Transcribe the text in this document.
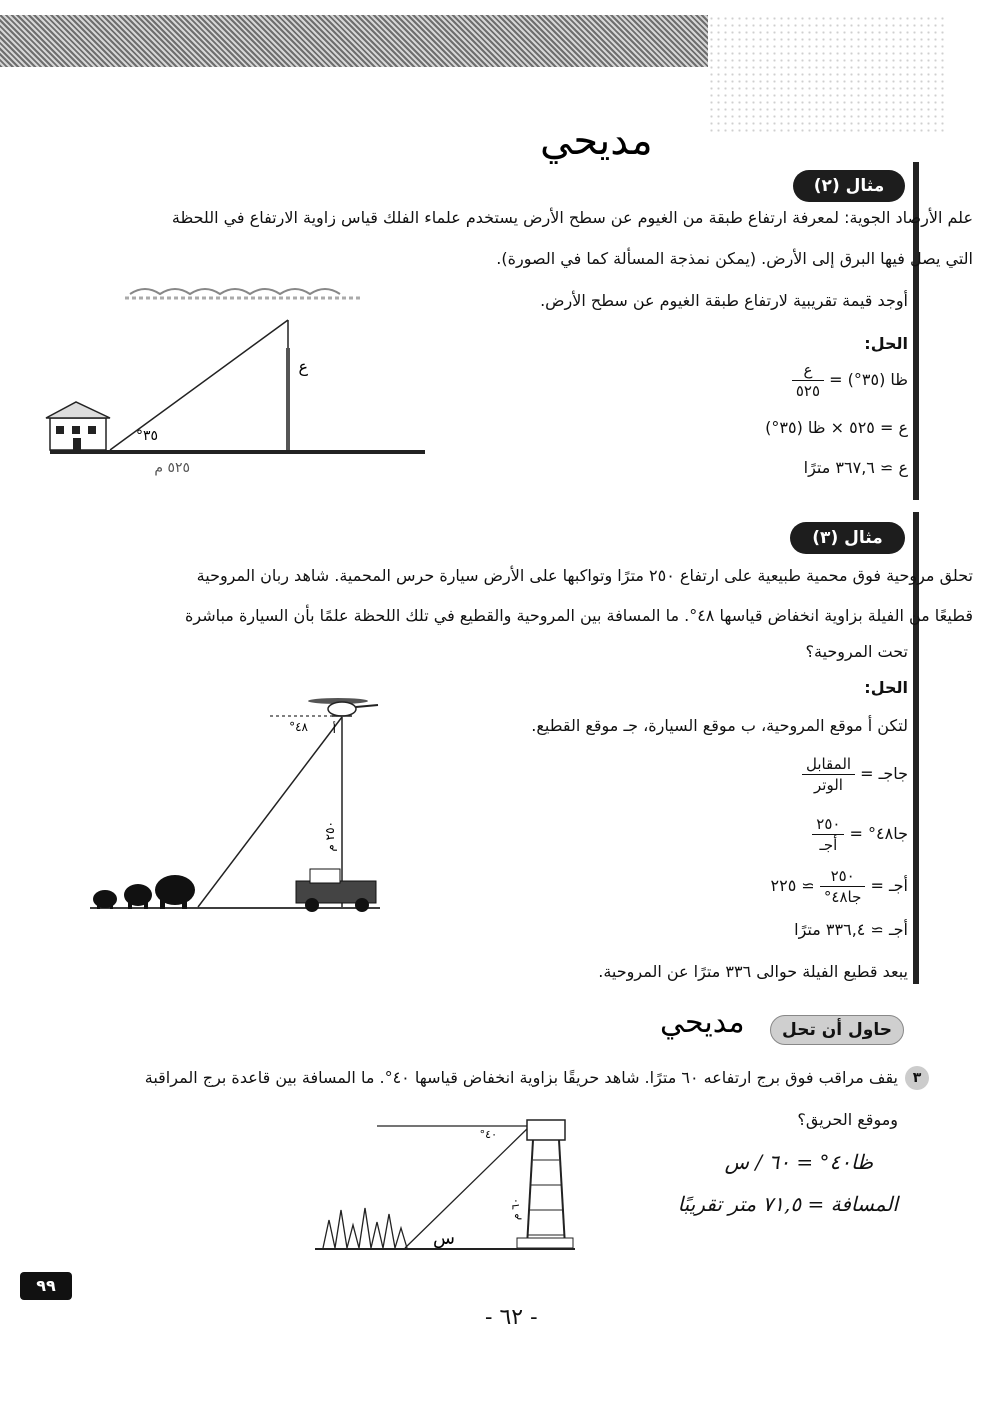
مديحي
مثال (٢)
علم الأرصاد الجوية: لمعرفة ارتفاع طبقة من الغيوم عن سطح الأرض يستخدم علماء الفلك قياس زاوية الارتفاع في اللحظة
التي يصل فيها البرق إلى الأرض. (يمكن نمذجة المسألة كما في الصورة).
أوجد قيمة تقريبية لارتفاع طبقة الغيوم عن سطح الأرض.
٣٥°
ع
٥٢٥ م
الحل:
ظا (٣٥°) =
$\frac{\text{ع}}{٥٢٥}$
ع = ٥٢٥ × ظا (٣٥°)
ع ≃ ٣٦٧,٦ مترًا
مثال (٣)
تحلق مروحية فوق محمية طبيعية على ارتفاع ٢٥٠ مترًا وتواكبها على الأرض سيارة حرس المحمية. شاهد ربان المروحية
قطيعًا من الفيلة بزاوية انخفاض قياسها ٤٨°. ما المسافة بين المروحية والقطيع في تلك اللحظة علمًا بأن السيارة مباشرة
تحت المروحية؟
الحل:
لتكن أ موقع المروحية، ب موقع السيارة، جـ موقع القطيع.
٤٨° أ
٢٥٠ م
جاجـ =
$\frac{\text{المقابل}}{\text{الوتر}}$
جا٤٨° =
$\frac{٢٥٠}{\text{أجـ}}$
أجـ =
$\frac{٢٥٠}{\text{جا٤٨°}}$
≃ ٢٢٥
أجـ ≃ ٣٣٦,٤ مترًا
يبعد قطيع الفيلة حوالى ٣٣٦ مترًا عن المروحية.
حاول أن تحل
مديحي
٣
يقف مراقب فوق برج ارتفاعه ٦٠ مترًا. شاهد حريقًا بزاوية انخفاض قياسها ٤٠°. ما المسافة بين قاعدة برج المراقبة
وموقع الحريق؟
٤٠°
٦٠ م
س
ظا٤٠° = ٦٠ / س
المسافة = ٧١,٥ متر تقريبًا
٩٩
- ٦٢ -
